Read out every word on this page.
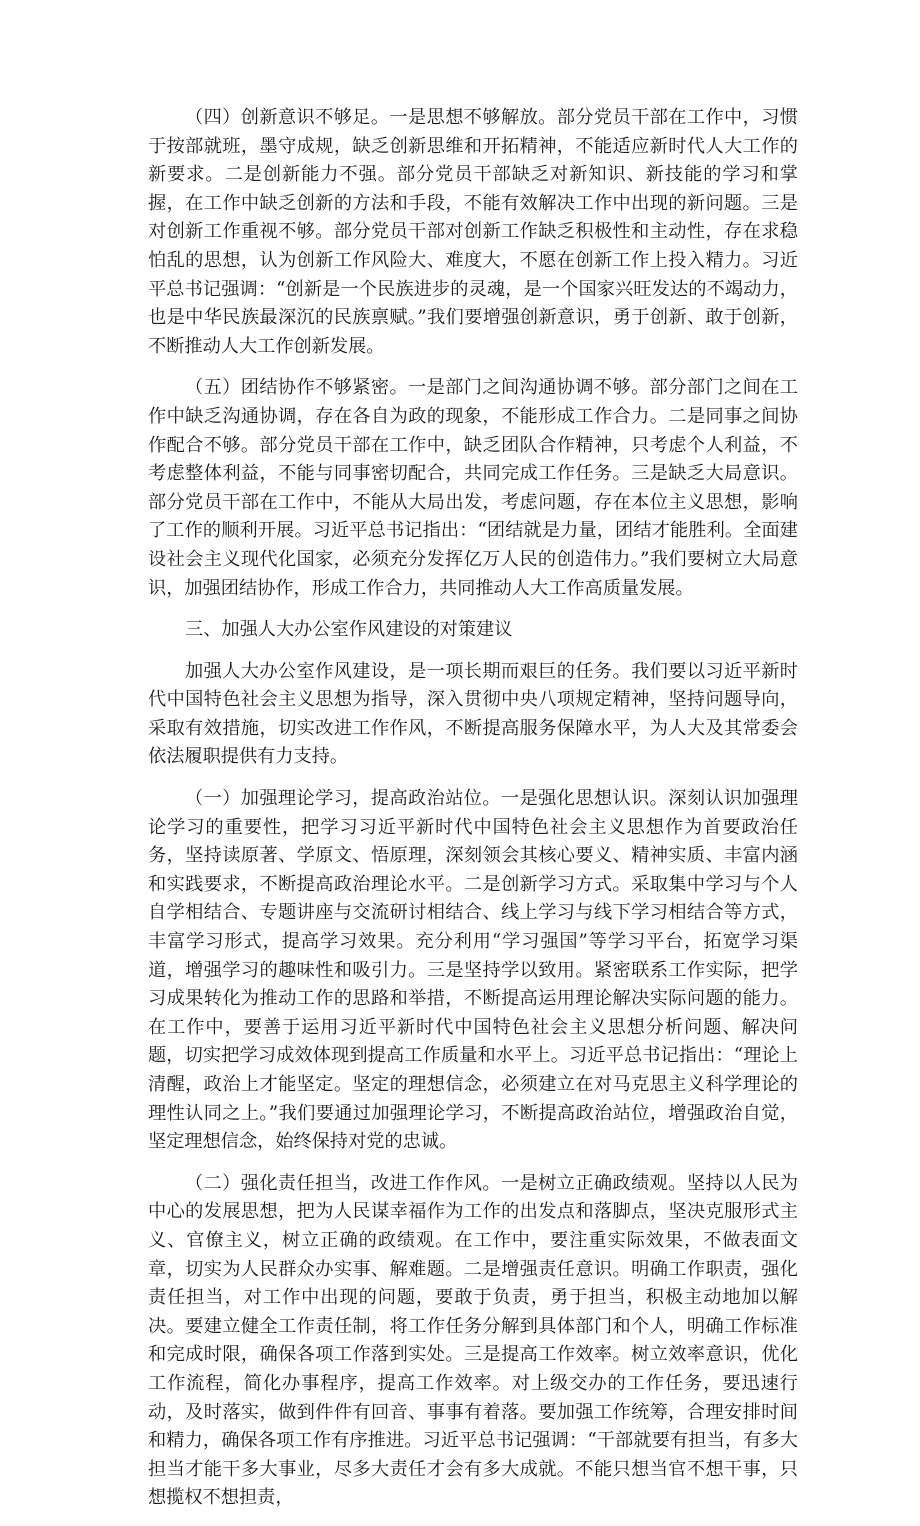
（四）创新意识不够足。一是思想不够解放。部分党员干部在工作中，习惯于按部就班，墨守成规，缺乏创新思维和开拓精神，不能适应新时代人大工作的新要求。二是创新能力不强。部分党员干部缺乏对新知识、新技能的学习和掌握，在工作中缺乏创新的方法和手段，不能有效解决工作中出现的新问题。三是对创新工作重视不够。部分党员干部对创新工作缺乏积极性和主动性，存在求稳怕乱的思想，认为创新工作风险大、难度大，不愿在创新工作上投入精力。习近平总书记强调：“创新是一个民族进步的灵魂，是一个国家兴旺发达的不竭动力，也是中华民族最深沉的民族禀赋。”我们要增强创新意识，勇于创新、敢于创新，不断推动人大工作创新发展。

（五）团结协作不够紧密。一是部门之间沟通协调不够。部分部门之间在工作中缺乏沟通协调，存在各自为政的现象，不能形成工作合力。二是同事之间协作配合不够。部分党员干部在工作中，缺乏团队合作精神，只考虑个人利益，不考虑整体利益，不能与同事密切配合，共同完成工作任务。三是缺乏大局意识。部分党员干部在工作中，不能从大局出发，考虑问题，存在本位主义思想，影响了工作的顺利开展。习近平总书记指出：“团结就是力量，团结才能胜利。全面建设社会主义现代化国家，必须充分发挥亿万人民的创造伟力。”我们要树立大局意识，加强团结协作，形成工作合力，共同推动人大工作高质量发展。

三、加强人大办公室作风建设的对策建议

加强人大办公室作风建设，是一项长期而艰巨的任务。我们要以习近平新时代中国特色社会主义思想为指导，深入贯彻中央八项规定精神，坚持问题导向，采取有效措施，切实改进工作作风，不断提高服务保障水平，为人大及其常委会依法履职提供有力支持。

（一）加强理论学习，提高政治站位。一是强化思想认识。深刻认识加强理论学习的重要性，把学习习近平新时代中国特色社会主义思想作为首要政治任务，坚持读原著、学原文、悟原理，深刻领会其核心要义、精神实质、丰富内涵和实践要求，不断提高政治理论水平。二是创新学习方式。采取集中学习与个人自学相结合、专题讲座与交流研讨相结合、线上学习与线下学习相结合等方式，丰富学习形式，提高学习效果。充分利用“学习强国”等学习平台，拓宽学习渠道，增强学习的趣味性和吸引力。三是坚持学以致用。紧密联系工作实际，把学习成果转化为推动工作的思路和举措，不断提高运用理论解决实际问题的能力。在工作中，要善于运用习近平新时代中国特色社会主义思想分析问题、解决问题，切实把学习成效体现到提高工作质量和水平上。习近平总书记指出：“理论上清醒，政治上才能坚定。坚定的理想信念，必须建立在对马克思主义科学理论的理性认同之上。”我们要通过加强理论学习，不断提高政治站位，增强政治自觉，坚定理想信念，始终保持对党的忠诚。

（二）强化责任担当，改进工作作风。一是树立正确政绩观。坚持以人民为中心的发展思想，把为人民谋幸福作为工作的出发点和落脚点，坚决克服形式主义、官僚主义，树立正确的政绩观。在工作中，要注重实际效果，不做表面文章，切实为人民群众办实事、解难题。二是增强责任意识。明确工作职责，强化责任担当，对工作中出现的问题，要敢于负责，勇于担当，积极主动地加以解决。要建立健全工作责任制，将工作任务分解到具体部门和个人，明确工作标准和完成时限，确保各项工作落到实处。三是提高工作效率。树立效率意识，优化工作流程，简化办事程序，提高工作效率。对上级交办的工作任务，要迅速行动，及时落实，做到件件有回音、事事有着落。要加强工作统筹，合理安排时间和精力，确保各项工作有序推进。习近平总书记强调：“干部就要有担当，有多大担当才能干多大事业，尽多大责任才会有多大成就。不能只想当官不想干事，只想揽权不想担责，
